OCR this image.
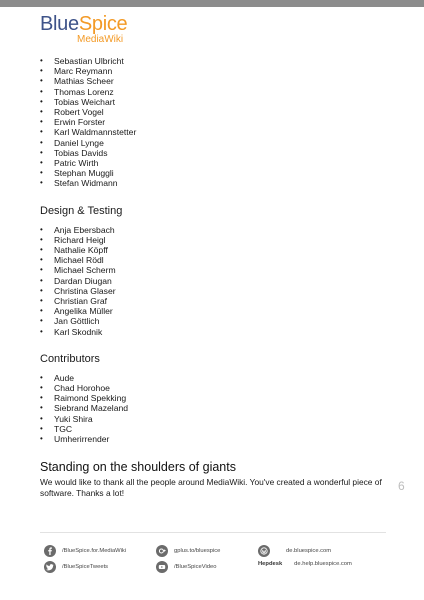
BlueSpice
MediaWiki
• Sebastian Ulbricht
• Marc Reymann
• Mathias Scheer
• Thomas Lorenz
• Tobias Weichart
• Robert Vogel
• Erwin Forster
• Karl Waldmannstetter
• Daniel Lynge
• Tobias Davids
• Patric Wirth
• Stephan Muggli
• Stefan Widmann
Design & Testing
• Anja Ebersbach
• Richard Heigl
• Nathalie Köpff
• Michael Rödl
• Michael Scherm
• Dardan Diugan
• Christina Glaser
• Christian Graf
• Angelika Müller
• Jan Göttlich
• Karl Skodnik
Contributors
• Aude
• Chad Horohoe
• Raimond Spekking
• Siebrand Mazeland
• Yuki Shira
• TGC
• Umherirrender
Standing on the shoulders of giants

We would like to thank all the people around MediaWiki. You've created a wonderful piece of software. Thanks a lot!	6
/BlueSpice.for.MediaWiki
/BlueSpiceTweets
gplus.to/bluespice
/BlueSpiceVideo
de.bluespice.com
Hepdesk de.help.bluespice.com
